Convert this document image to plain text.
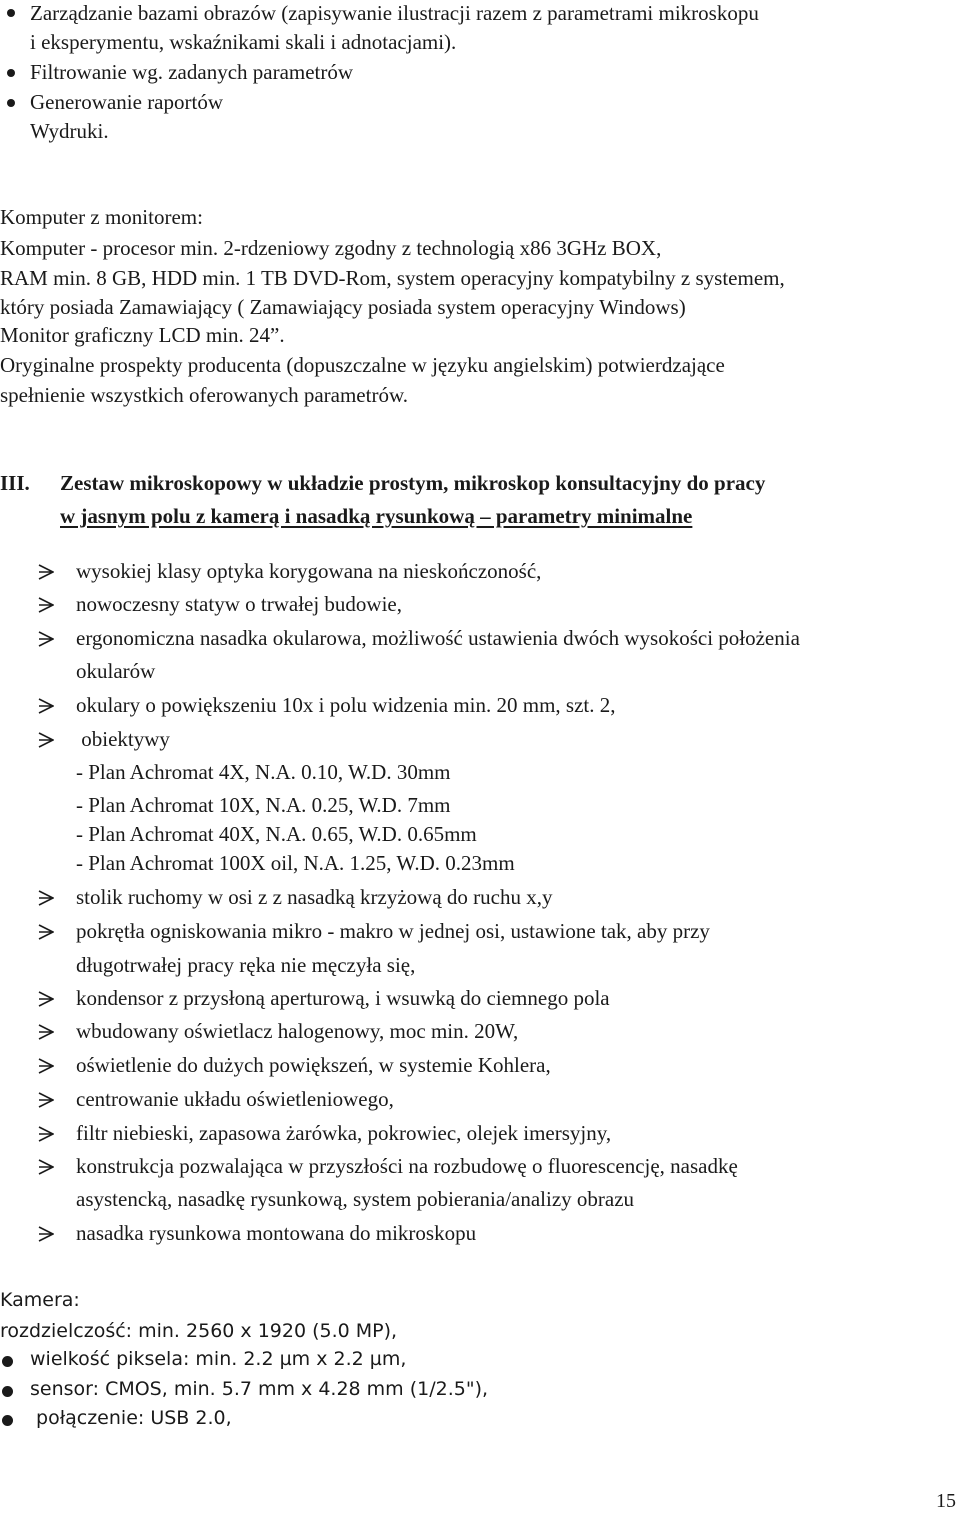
Zarządzanie bazami obrazów (zapisywanie ilustracji razem z parametrami mikroskopu
i eksperymentu, wskaźnikami skali i adnotacjami).
Filtrowanie wg. zadanych parametrów
Generowanie raportów
Wydruki.
Komputer z monitorem:
Komputer - procesor min. 2-rdzeniowy zgodny z technologią x86 3GHz BOX,
RAM min. 8 GB, HDD min. 1 TB DVD-Rom, system operacyjny kompatybilny z systemem,
który posiada Zamawiający ( Zamawiający posiada system operacyjny Windows)
Monitor graficzny LCD min. 24”.
Oryginalne prospekty producenta (dopuszczalne w języku angielskim) potwierdzające
spełnienie wszystkich oferowanych parametrów.
III. Zestaw mikroskopowy w układzie prostym, mikroskop konsultacyjny do pracy
w jasnym polu z kamerą i nasadką rysunkową – parametry minimalne
wysokiej klasy optyka korygowana na nieskończoność,
nowoczesny statyw o trwałej budowie,
ergonomiczna nasadka okularowa, możliwość ustawienia dwóch wysokości położenia
okularów
okulary o powiększeniu 10x i polu widzenia min. 20 mm, szt. 2,
obiektywy
- Plan Achromat 4X, N.A. 0.10, W.D. 30mm
- Plan Achromat 10X, N.A. 0.25, W.D. 7mm
- Plan Achromat 40X, N.A. 0.65, W.D. 0.65mm
- Plan Achromat 100X oil, N.A. 1.25, W.D. 0.23mm
stolik ruchomy w osi z z nasadką krzyżową do ruchu x,y
pokrętła ogniskowania mikro - makro w jednej osi, ustawione tak, aby przy
długotrwałej pracy ręka nie męczyła się,
kondensor z przysłoną aperturową, i wsuwką do ciemnego pola
wbudowany oświetlacz halogenowy, moc min. 20W,
oświetlenie do dużych powiększeń, w systemie Kohlera,
centrowanie układu oświetleniowego,
filtr niebieski, zapasowa żarówka, pokrowiec, olejek imersyjny,
konstrukcja pozwalająca w przyszłości na rozbudowę o fluorescencję, nasadkę
asystencką, nasadkę rysunkową, system pobierania/analizy obrazu
nasadka rysunkowa montowana do mikroskopu
Kamera:
rozdzielczość: min. 2560 x 1920 (5.0 MP),
wielkość piksela: min. 2.2 µm x 2.2 µm,
sensor: CMOS, min. 5.7 mm x 4.28 mm (1/2.5"),
połączenie: USB 2.0,
15
